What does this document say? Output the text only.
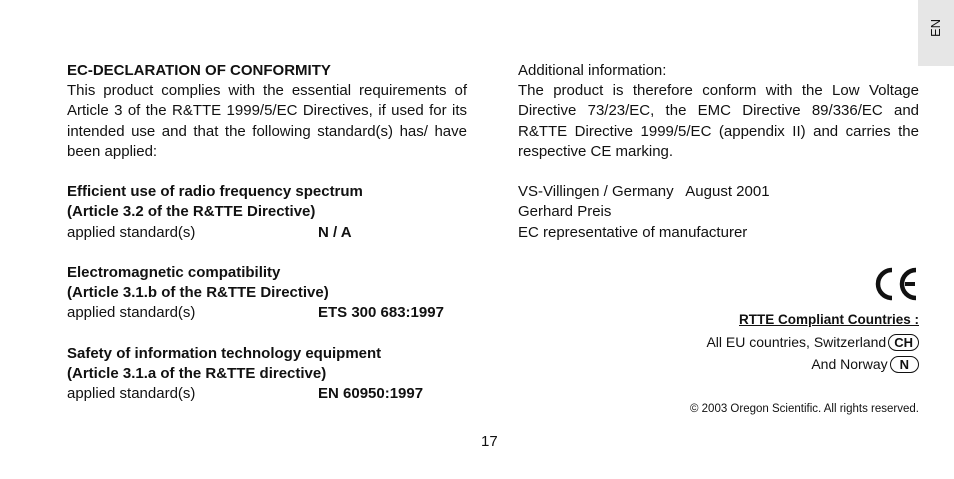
EN
EC-DECLARATION OF CONFORMITY
This product complies with the essential requirements of Article 3 of the R&TTE 1999/5/EC Directives, if used for its intended use and that the following standard(s) has/ have been applied:
Efficient use of radio frequency spectrum
(Article 3.2 of the R&TTE Directive)
applied standard(s)	N / A
Electromagnetic compatibility
(Article 3.1.b of the R&TTE Directive)
applied standard(s)	ETS 300 683:1997
Safety of information technology equipment
(Article 3.1.a of the R&TTE directive)
applied standard(s)	EN 60950:1997
Additional information:
The product is therefore conform with the Low Voltage Directive 73/23/EC, the EMC Directive 89/336/EC and R&TTE Directive 1999/5/EC (appendix II) and carries the respective CE marking.
VS-Villingen / Germany   August 2001
Gerhard Preis
EC representative of manufacturer
RTTE Compliant Countries :
All EU countries, Switzerland CH
And Norway N
© 2003 Oregon Scientific. All rights reserved.
17
